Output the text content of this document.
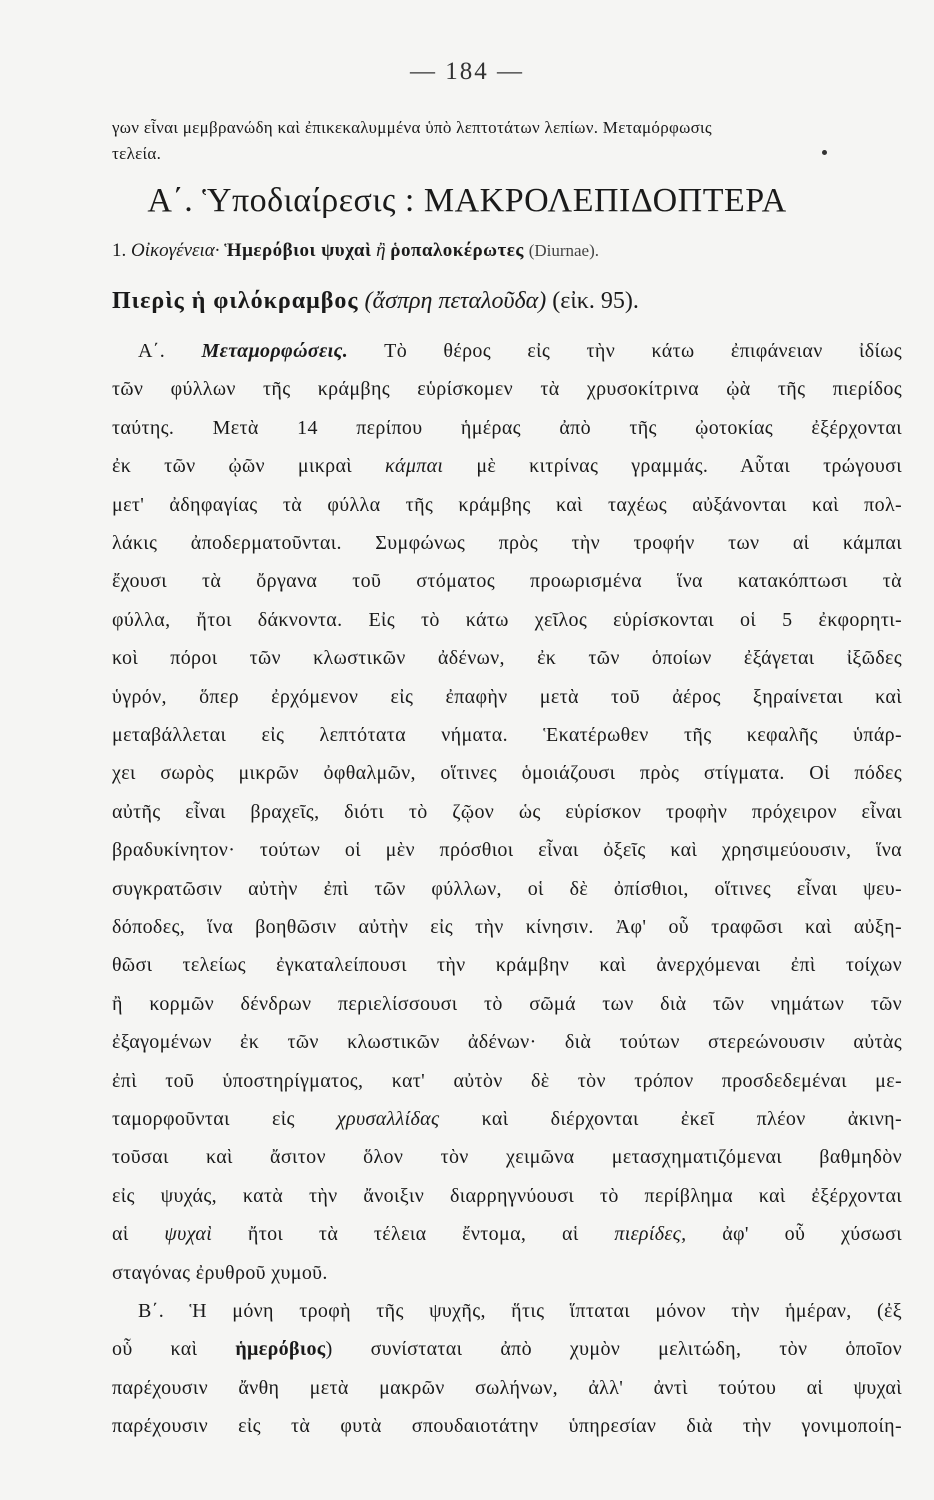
— 184 —
γων εἶναι μεμβρανώδη καὶ ἐπικεκαλυμμένα ὑπὸ λεπτοτάτων λεπίων. Μεταμόρφωσις
τελεία.
Α΄. Ὑποδιαίρεσις : ΜΑΚΡΟΛΕΠΙΔΟΠΤΕΡΑ
1. Οἰκογένεια· Ἡμερόβιοι ψυχαὶ ἢ ῥοπαλοκέρωτες (Diurnae).
Πιερὶς ἡ φιλόκραμβος (ἄσπρη πεταλοῦδα) (εἰκ. 95).
Α΄. Μεταμορφώσεις. Τὸ θέρος εἰς τὴν κάτω ἐπιφάνειαν ἰδίως
τῶν φύλλων τῆς κράμβης εὑρίσκομεν τὰ χρυσοκίτρινα ᾠὰ τῆς πιερίδος
ταύτης. Μετὰ 14 περίπου ἡμέρας ἀπὸ τῆς ᾠοτοκίας ἐξέρχονται
ἐκ τῶν ᾠῶν μικραὶ κάμπαι μὲ κιτρίνας γραμμάς. Αὗται τρώγουσι
μετ' ἀδηφαγίας τὰ φύλλα τῆς κράμβης καὶ ταχέως αὐξάνονται καὶ πολ-
λάκις ἀποδερματοῦνται. Συμφώνως πρὸς τὴν τροφήν των αἱ κάμπαι
ἔχουσι τὰ ὄργανα τοῦ στόματος προωρισμένα ἵνα κατακόπτωσι τὰ
φύλλα, ἤτοι δάκνοντα. Εἰς τὸ κάτω χεῖλος εὑρίσκονται οἱ 5 ἐκφορητι-
κοὶ πόροι τῶν κλωστικῶν ἀδένων, ἐκ τῶν ὁποίων ἐξάγεται ἰξῶδες
ὑγρόν, ὅπερ ἐρχόμενον εἰς ἐπαφὴν μετὰ τοῦ ἀέρος ξηραίνεται καὶ
μεταβάλλεται εἰς λεπτότατα νήματα. Ἑκατέρωθεν τῆς κεφαλῆς ὑπάρ-
χει σωρὸς μικρῶν ὀφθαλμῶν, οἵτινες ὁμοιάζουσι πρὸς στίγματα. Οἱ πόδες
αὐτῆς εἶναι βραχεῖς, διότι τὸ ζῷον ὡς εὑρίσκον τροφὴν πρόχειρον εἶναι
βραδυκίνητον· τούτων οἱ μὲν πρόσθιοι εἶναι ὀξεῖς καὶ χρησιμεύουσιν, ἵνα
συγκρατῶσιν αὐτὴν ἐπὶ τῶν φύλλων, οἱ δὲ ὀπίσθιοι, οἵτινες εἶναι ψευ-
δόποδες, ἵνα βοηθῶσιν αὐτὴν εἰς τὴν κίνησιν. Ἀφ' οὗ τραφῶσι καὶ αὐξη-
θῶσι τελείως ἐγκαταλείπουσι τὴν κράμβην καὶ ἀνερχόμεναι ἐπὶ τοίχων
ἢ κορμῶν δένδρων περιελίσσουσι τὸ σῶμά των διὰ τῶν νημάτων τῶν
ἐξαγομένων ἐκ τῶν κλωστικῶν ἀδένων· διὰ τούτων στερεώνουσιν αὐτὰς
ἐπὶ τοῦ ὑποστηρίγματος, κατ' αὐτὸν δὲ τὸν τρόπον προσδεδεμέναι με-
ταμορφοῦνται εἰς χρυσαλλίδας καὶ διέρχονται ἐκεῖ πλέον ἀκινη-
τοῦσαι καὶ ἄσιτον ὅλον τὸν χειμῶνα μετασχηματιζόμεναι βαθμηδὸν
εἰς ψυχάς, κατὰ τὴν ἄνοιξιν διαρρηγνύουσι τὸ περίβλημα καὶ ἐξέρχονται
αἱ ψυχαὶ ἤτοι τὰ τέλεια ἔντομα, αἱ πιερίδες, ἀφ' οὗ χύσωσι
σταγόνας ἐρυθροῦ χυμοῦ.
Β΄. Ἡ μόνη τροφὴ τῆς ψυχῆς, ἥτις ἵπταται μόνον τὴν ἡμέραν, (ἐξ
οὗ καὶ ἡμερόβιος) συνίσταται ἀπὸ χυμὸν μελιτώδη, τὸν ὁποῖον
παρέχουσιν ἄνθη μετὰ μακρῶν σωλήνων, ἀλλ' ἀντὶ τούτου αἱ ψυχαὶ
παρέχουσιν εἰς τὰ φυτὰ σπουδαιοτάτην ὑπηρεσίαν διὰ τὴν γονιμοποίη-
